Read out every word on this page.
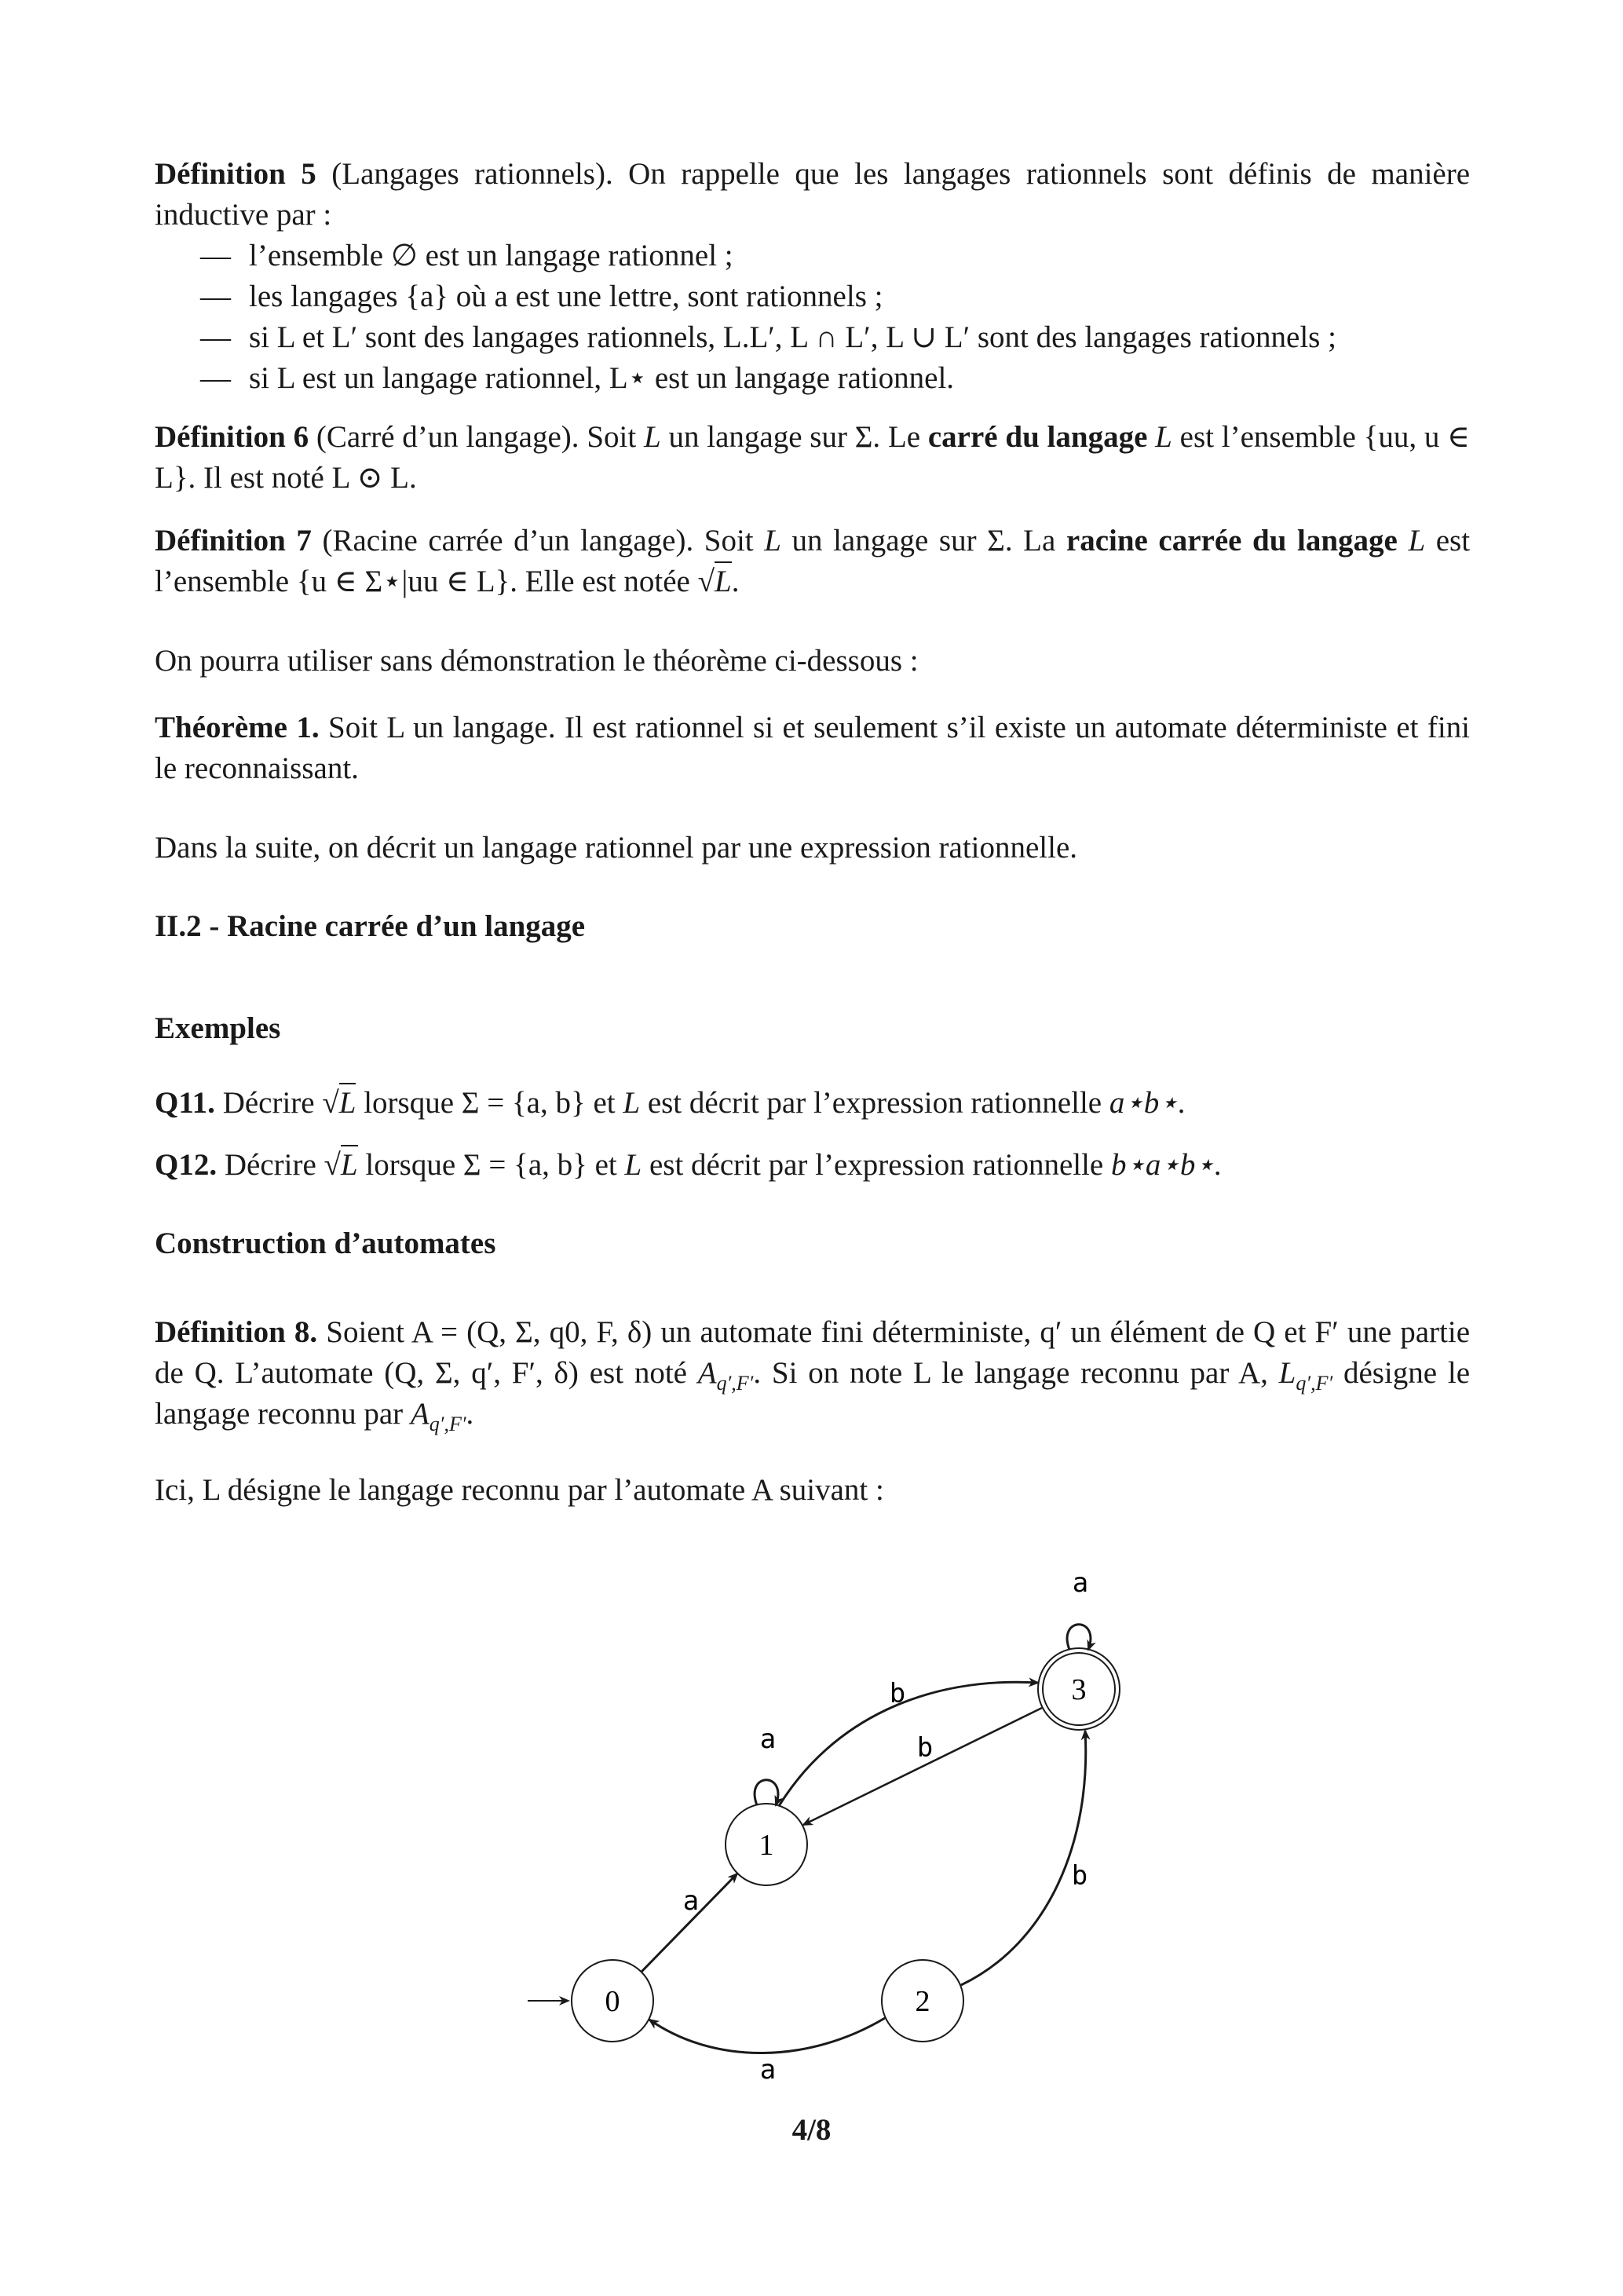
Définition 5 (Langages rationnels). On rappelle que les langages rationnels sont définis de manière inductive par :

— l’ensemble ∅ est un langage rationnel ;
— les langages {a} où a est une lettre, sont rationnels ;
— si L et L′ sont des langages rationnels, L.L′, L ∩ L′, L ∪ L′ sont des langages rationnels ;
— si L est un langage rationnel, L⋆ est un langage rationnel.

Définition 6 (Carré d’un langage). Soit L un langage sur Σ. Le carré du langage L est l’ensemble {uu, u ∈ L}. Il est noté L ⊙ L.

Définition 7 (Racine carrée d’un langage). Soit L un langage sur Σ. La racine carrée du langage L est l’ensemble {u ∈ Σ⋆|uu ∈ L}. Elle est notée √L.

On pourra utiliser sans démonstration le théorème ci-dessous :

Théorème 1. Soit L un langage. Il est rationnel si et seulement s’il existe un automate déterministe et fini le reconnaissant.

Dans la suite, on décrit un langage rationnel par une expression rationnelle.

II.2 - Racine carrée d’un langage

Exemples

Q11. Décrire √L lorsque Σ = {a, b} et L est décrit par l’expression rationnelle a⋆b⋆.

Q12. Décrire √L lorsque Σ = {a, b} et L est décrit par l’expression rationnelle b⋆a⋆b⋆.

Construction d’automates

Définition 8. Soient A = (Q, Σ, q0, F, δ) un automate fini déterministe, q′ un élément de Q et F′ une partie de Q. L’automate (Q, Σ, q′, F′, δ) est noté $A_{q',F'}$. Si on note L le langage reconnu par A, $L_{q',F'}$ désigne le langage reconnu par $A_{q',F'}$.

Ici, L désigne le langage reconnu par l’automate A suivant :

0
1
2
3
a
a
b
b
a
b
a
4/8
